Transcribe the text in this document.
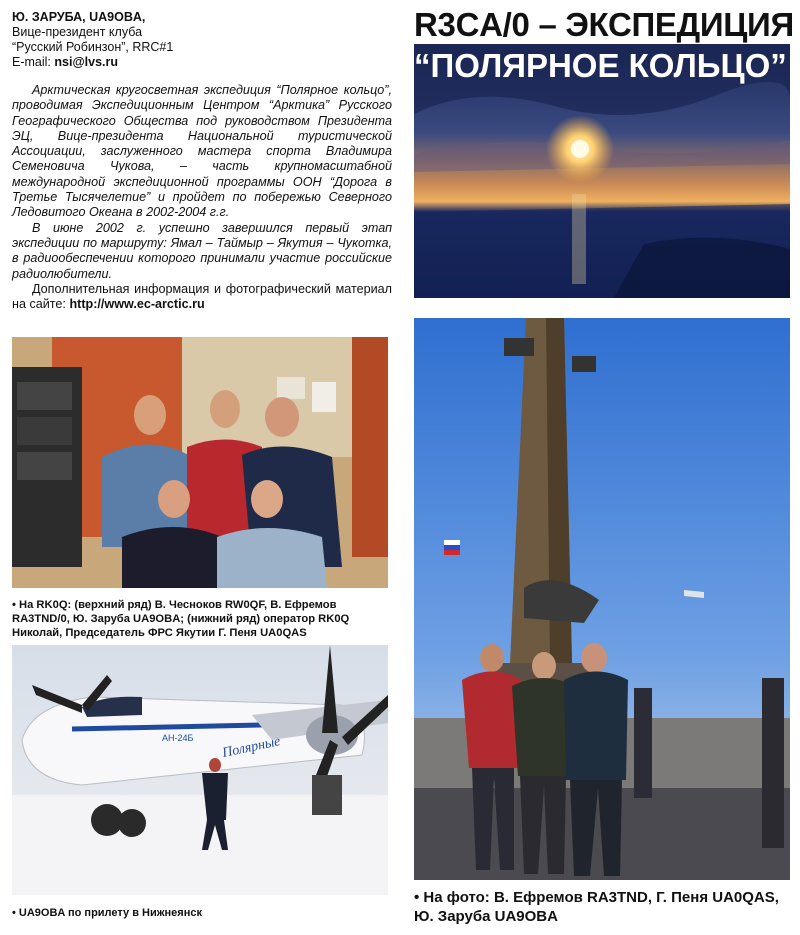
Ю. ЗАРУБА, UA9OBA,
Вице-президент клуба
“Русский Робинзон”, RRC#1
E-mail: nsi@lvs.ru
R3CA/0 – ЭКСПЕДИЦИЯ

Арктическая кругосветная экспедиция “Полярное кольцо”, проводимая Экспедиционным Центром “Арктика” Русского Географического Общества под руководством Президента ЭЦ, Вице-президента Национальной туристической Ассоциации, заслуженного мастера спорта Владимира Семеновича Чукова, – часть крупномасштабной международной экспедиционной программы ООН “Дорога в Третье Тысячелетие” и пройдет по побережью Северного Ледовитого Океана в 2002-2004 г.г.

В июне 2002 г. успешно завершился первый этап экспедиции по маршруту: Ямал – Таймыр – Якутия – Чукотка, в радиообеспечении которого принимали участие российские радиолюбители.

Дополнительная информация и фотографический материал на сайте: http://www.ec-arctic.ru

“ПОЛЯРНОЕ КОЛЬЦО”
• На RK0Q: (верхний ряд) В. Чесноков RW0QF, В. Ефремов RA3TND/0, Ю. Заруба UA9OBA; (нижний ряд) оператор RK0Q Николай, Председатель ФРС Якутии Г. Пеня UA0QAS
АН-24Б Полярные
• UA9OBA по прилету в Нижнеянск
• На фото: В. Ефремов RA3TND, Г. Пеня UA0QAS, Ю. Заруба UA9OBA
